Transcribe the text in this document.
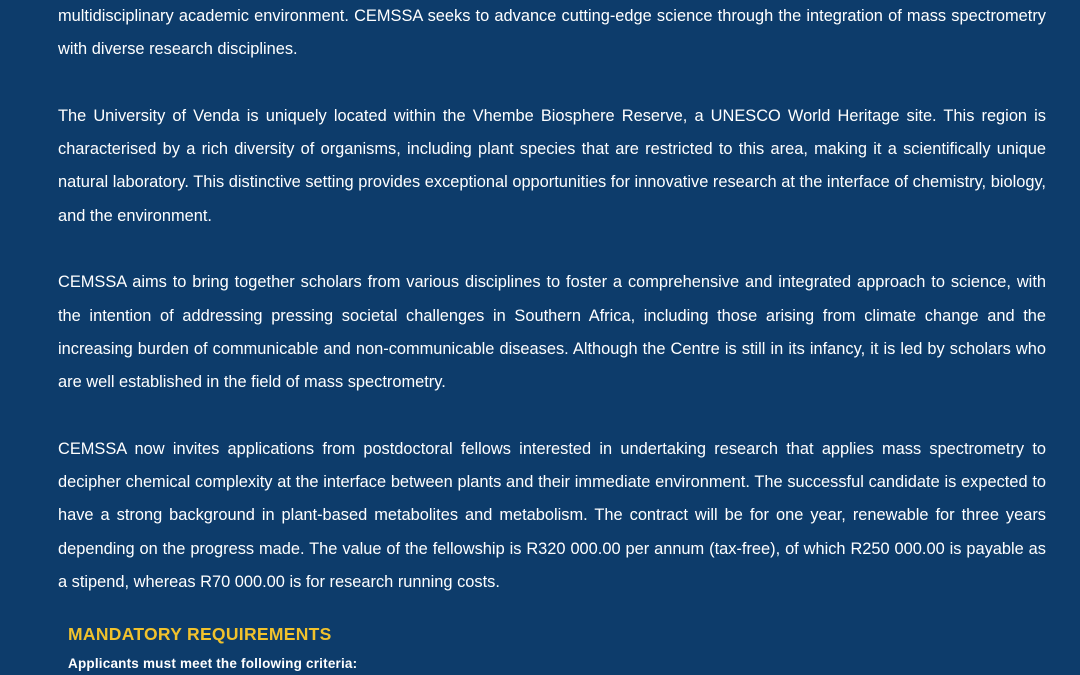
multidisciplinary academic environment. CEMSSA seeks to advance cutting-edge science through the integration of mass spectrometry with diverse research disciplines.

The University of Venda is uniquely located within the Vhembe Biosphere Reserve, a UNESCO World Heritage site. This region is characterised by a rich diversity of organisms, including plant species that are restricted to this area, making it a scientifically unique natural laboratory. This distinctive setting provides exceptional opportunities for innovative research at the interface of chemistry, biology, and the environment.

CEMSSA aims to bring together scholars from various disciplines to foster a comprehensive and integrated approach to science, with the intention of addressing pressing societal challenges in Southern Africa, including those arising from climate change and the increasing burden of communicable and non-communicable diseases. Although the Centre is still in its infancy, it is led by scholars who are well established in the field of mass spectrometry.

CEMSSA now invites applications from postdoctoral fellows interested in undertaking research that applies mass spectrometry to decipher chemical complexity at the interface between plants and their immediate environment. The successful candidate is expected to have a strong background in plant-based metabolites and metabolism. The contract will be for one year, renewable for three years depending on the progress made. The value of the fellowship is R320 000.00 per annum (tax-free), of which R250 000.00 is payable as a stipend, whereas R70 000.00 is for research running costs.

MANDATORY REQUIREMENTS

Applicants must meet the following criteria:
